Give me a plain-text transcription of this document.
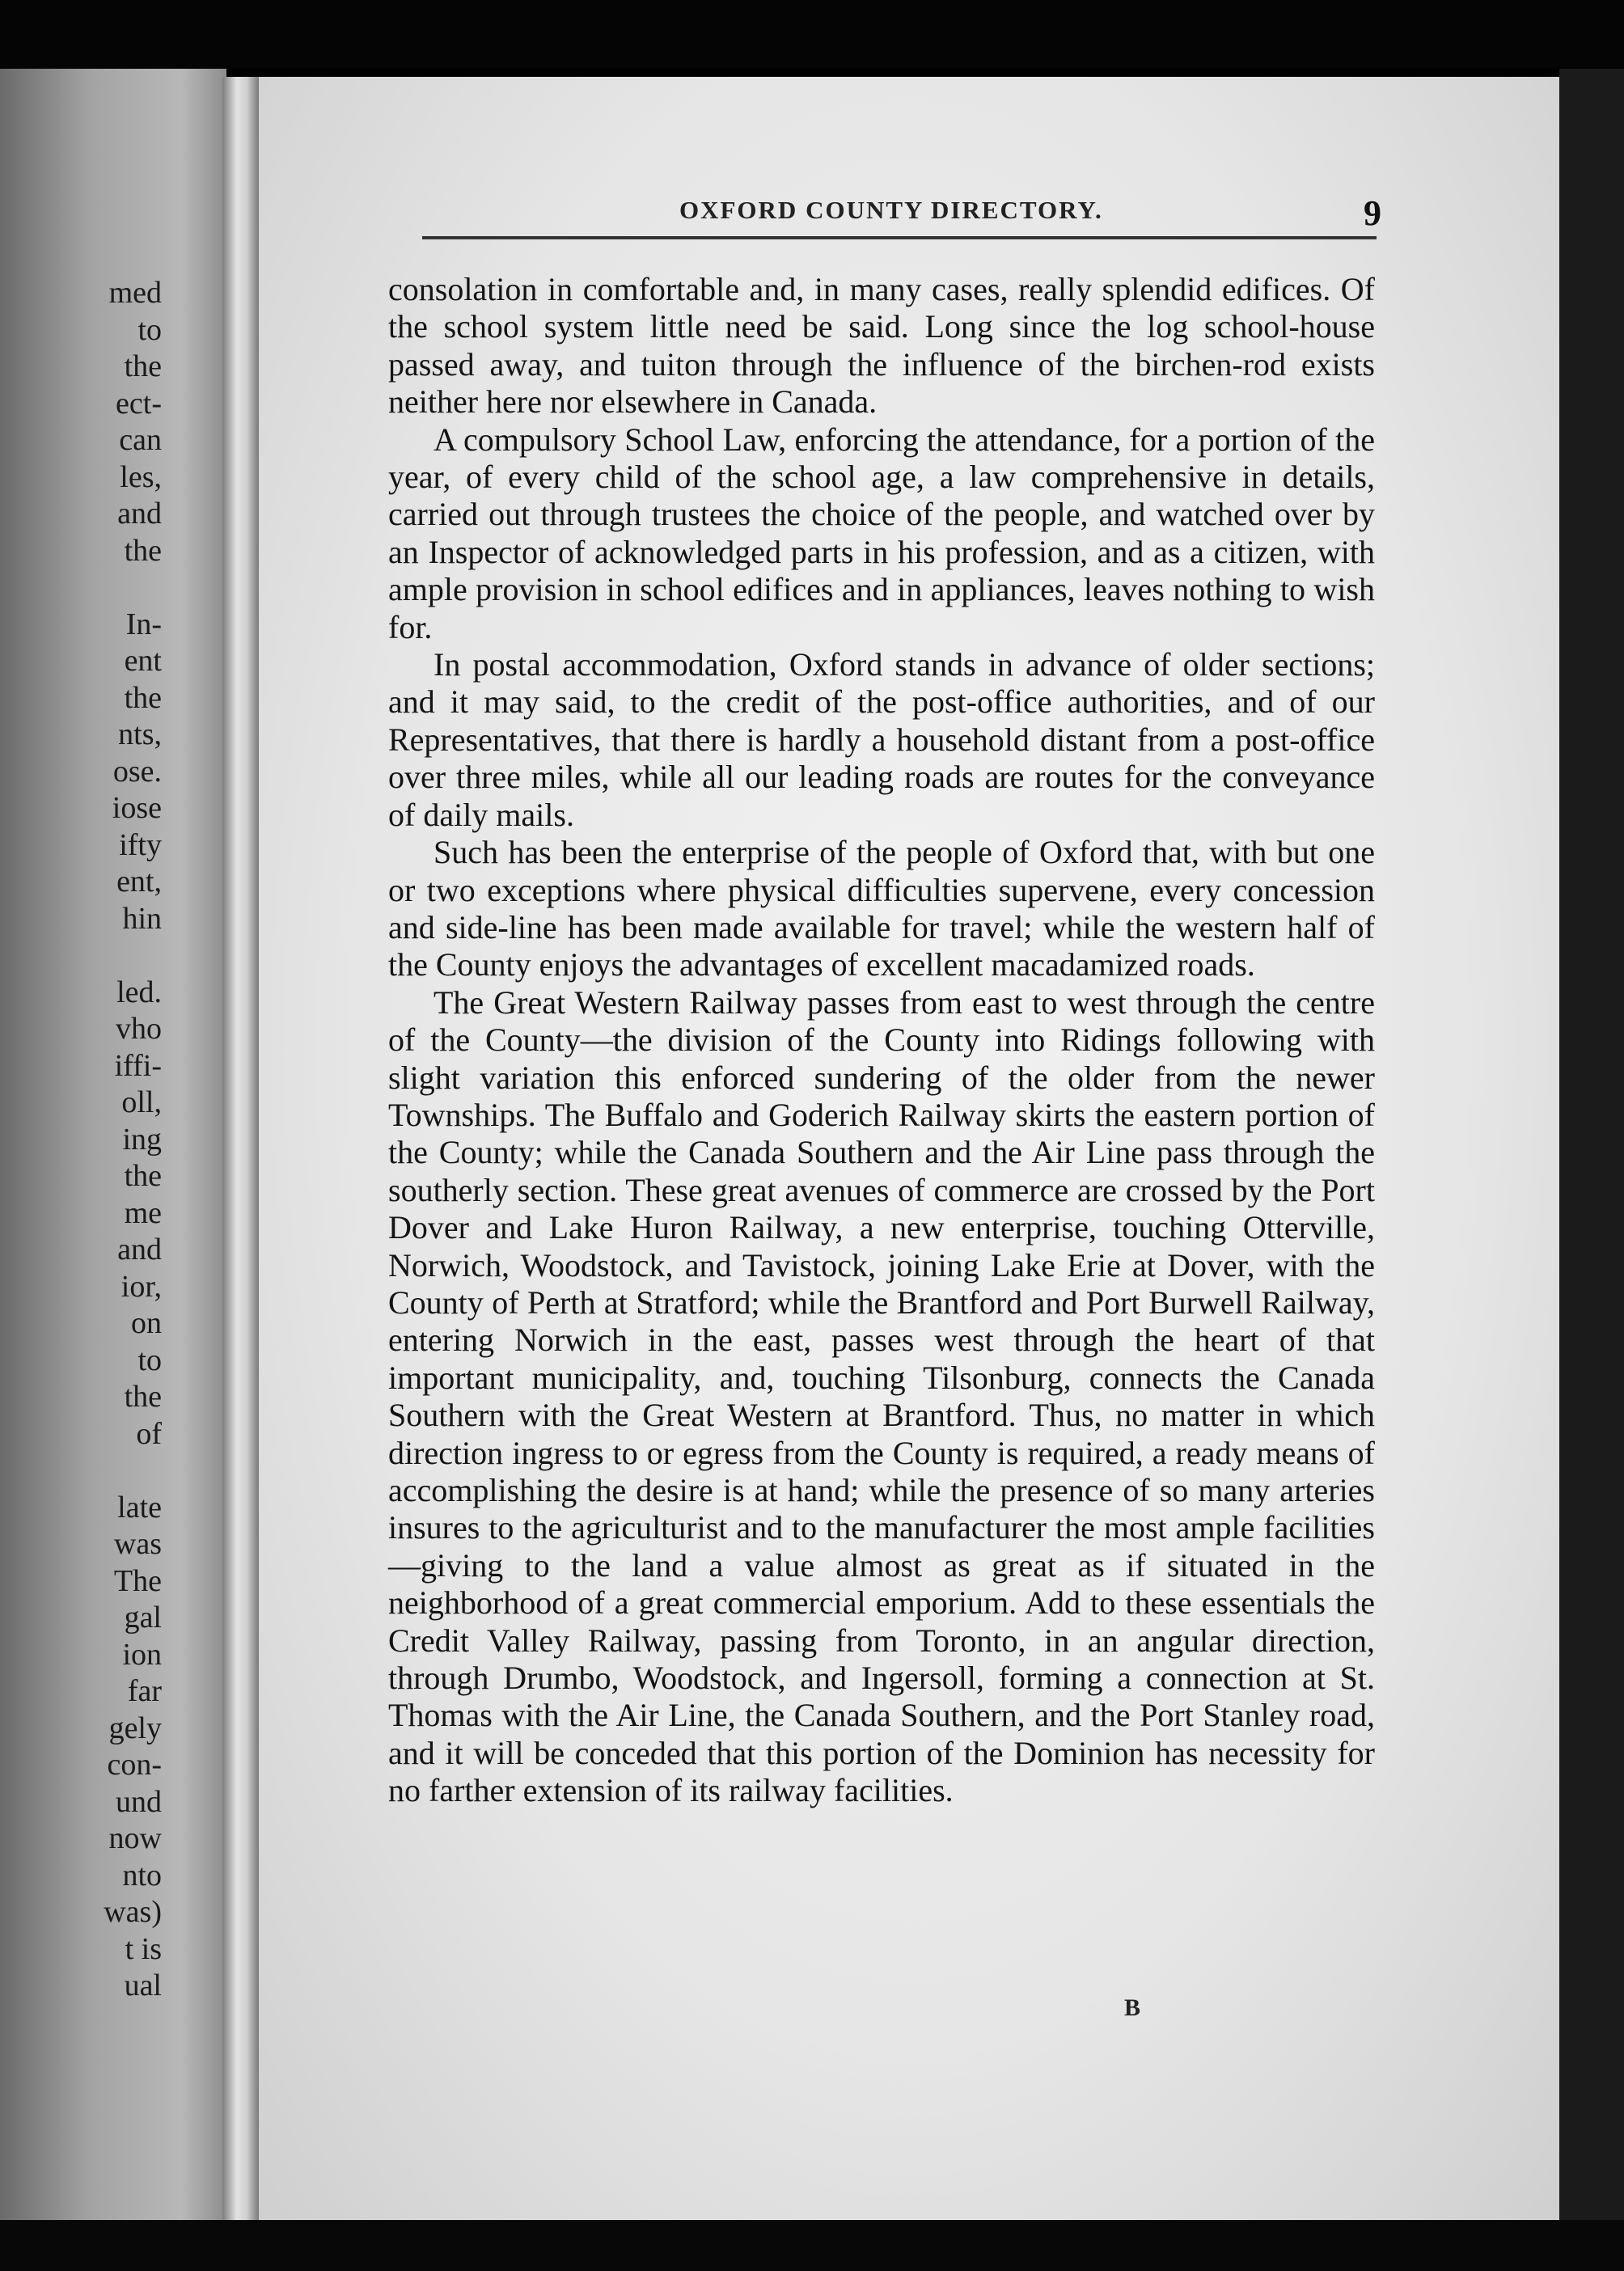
med
to
the
ect-
can
les,
and
the
In-
ent
the
nts,
ose.
iose
ifty
ent,
hin
led.
vho
iffi-
oll,
ing
the
me
and
ior,
on
to
the
of
late
was
The
gal
ion
far
gely
con-
und
now
nto
was)
t is
ual
OXFORD COUNTY DIRECTORY.	9

consolation in comfortable and, in many cases, really splendid edifices. Of the school system little need be said. Long since the log school-house passed away, and tuiton through the influence of the birchen-rod exists neither here nor elsewhere in Canada.

A compulsory School Law, enforcing the attendance, for a portion of the year, of every child of the school age, a law comprehensive in details, carried out through trustees the choice of the people, and watched over by an Inspector of acknowledged parts in his profession, and as a citizen, with ample provision in school edifices and in appliances, leaves nothing to wish for.

In postal accommodation, Oxford stands in advance of older sections; and it may said, to the credit of the post-office authorities, and of our Representatives, that there is hardly a household distant from a post-office over three miles, while all our leading roads are routes for the conveyance of daily mails.

Such has been the enterprise of the people of Oxford that, with but one or two exceptions where physical difficulties supervene, every concession and side-line has been made available for travel; while the western half of the County enjoys the advantages of excellent macadamized roads.

The Great Western Railway passes from east to west through the centre of the County—the division of the County into Ridings following with slight variation this enforced sundering of the older from the newer Townships. The Buffalo and Goderich Railway skirts the eastern portion of the County; while the Canada Southern and the Air Line pass through the southerly section. These great avenues of commerce are crossed by the Port Dover and Lake Huron Railway, a new enterprise, touching Otterville, Norwich, Woodstock, and Tavistock, joining Lake Erie at Dover, with the County of Perth at Stratford; while the Brantford and Port Burwell Railway, entering Norwich in the east, passes west through the heart of that important municipality, and, touching Tilsonburg, connects the Canada Southern with the Great Western at Brantford. Thus, no matter in which direction ingress to or egress from the County is required, a ready means of accomplishing the desire is at hand; while the presence of so many arteries insures to the agriculturist and to the manufacturer the most ample facilities—giving to the land a value almost as great as if situated in the neighborhood of a great commercial emporium. Add to these essentials the Credit Valley Railway, passing from Toronto, in an angular direction, through Drumbo, Woodstock, and Ingersoll, forming a connection at St. Thomas with the Air Line, the Canada Southern, and the Port Stanley road, and it will be conceded that this portion of the Dominion has necessity for no farther extension of its railway facilities.

B
